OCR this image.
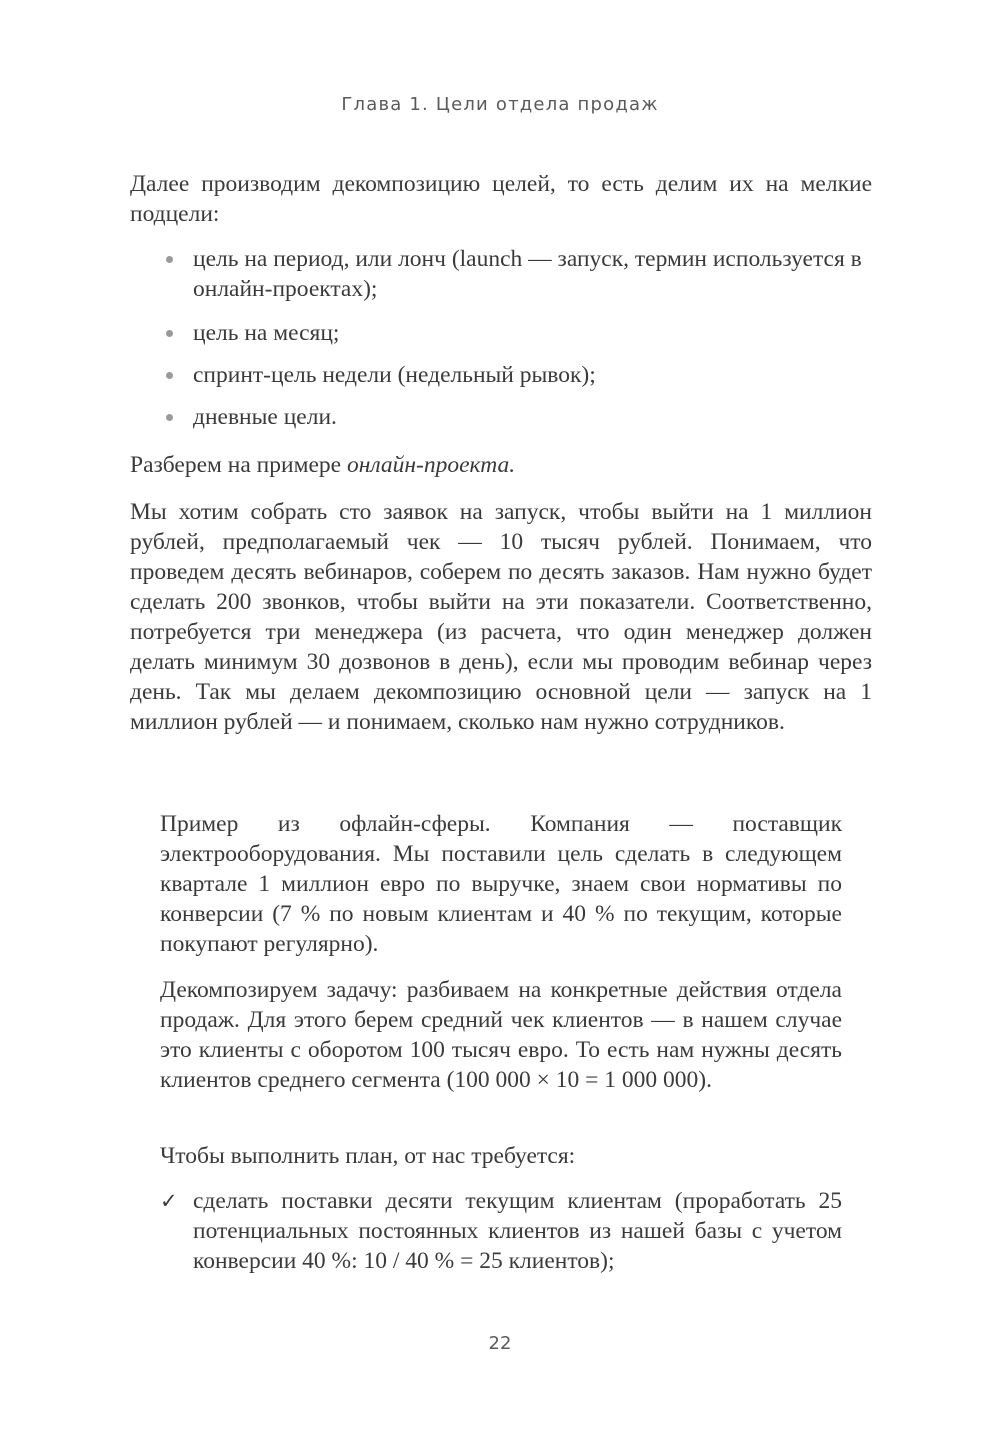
Глава 1. Цели отдела продаж

Далее производим декомпозицию целей, то есть делим их на мелкие подцели:

цель на период, или лонч (launch — запуск, термин используется в онлайн-проектах);
цель на месяц;
спринт-цель недели (недельный рывок);
дневные цели.

Разберем на примере онлайн-проекта.

Мы хотим собрать сто заявок на запуск, чтобы выйти на 1 миллион рублей, предполагаемый чек — 10 тысяч рублей. Понимаем, что проведем десять вебинаров, соберем по десять заказов. Нам нужно будет сделать 200 звонков, чтобы выйти на эти показатели. Соответственно, потребуется три менеджера (из расчета, что один менеджер должен делать минимум 30 дозвонов в день), если мы проводим вебинар через день. Так мы делаем декомпозицию основной цели — запуск на 1 миллион рублей — и понимаем, сколько нам нужно сотрудников.

Пример из офлайн-сферы. Компания — поставщик электрооборудования. Мы поставили цель сделать в следующем квартале 1 миллион евро по выручке, знаем свои нормативы по конверсии (7 % по новым клиентам и 40 % по текущим, которые покупают регулярно).

Декомпозируем задачу: разбиваем на конкретные действия отдела продаж. Для этого берем средний чек клиентов — в нашем случае это клиенты с оборотом 100 тысяч евро. То есть нам нужны десять клиентов среднего сегмента (100 000 × 10 = 1 000 000).

Чтобы выполнить план, от нас требуется:

✓ сделать поставки десяти текущим клиентам (проработать 25 потенциальных постоянных клиентов из нашей базы с учетом конверсии 40 %: 10 / 40 % = 25 клиентов);
22
